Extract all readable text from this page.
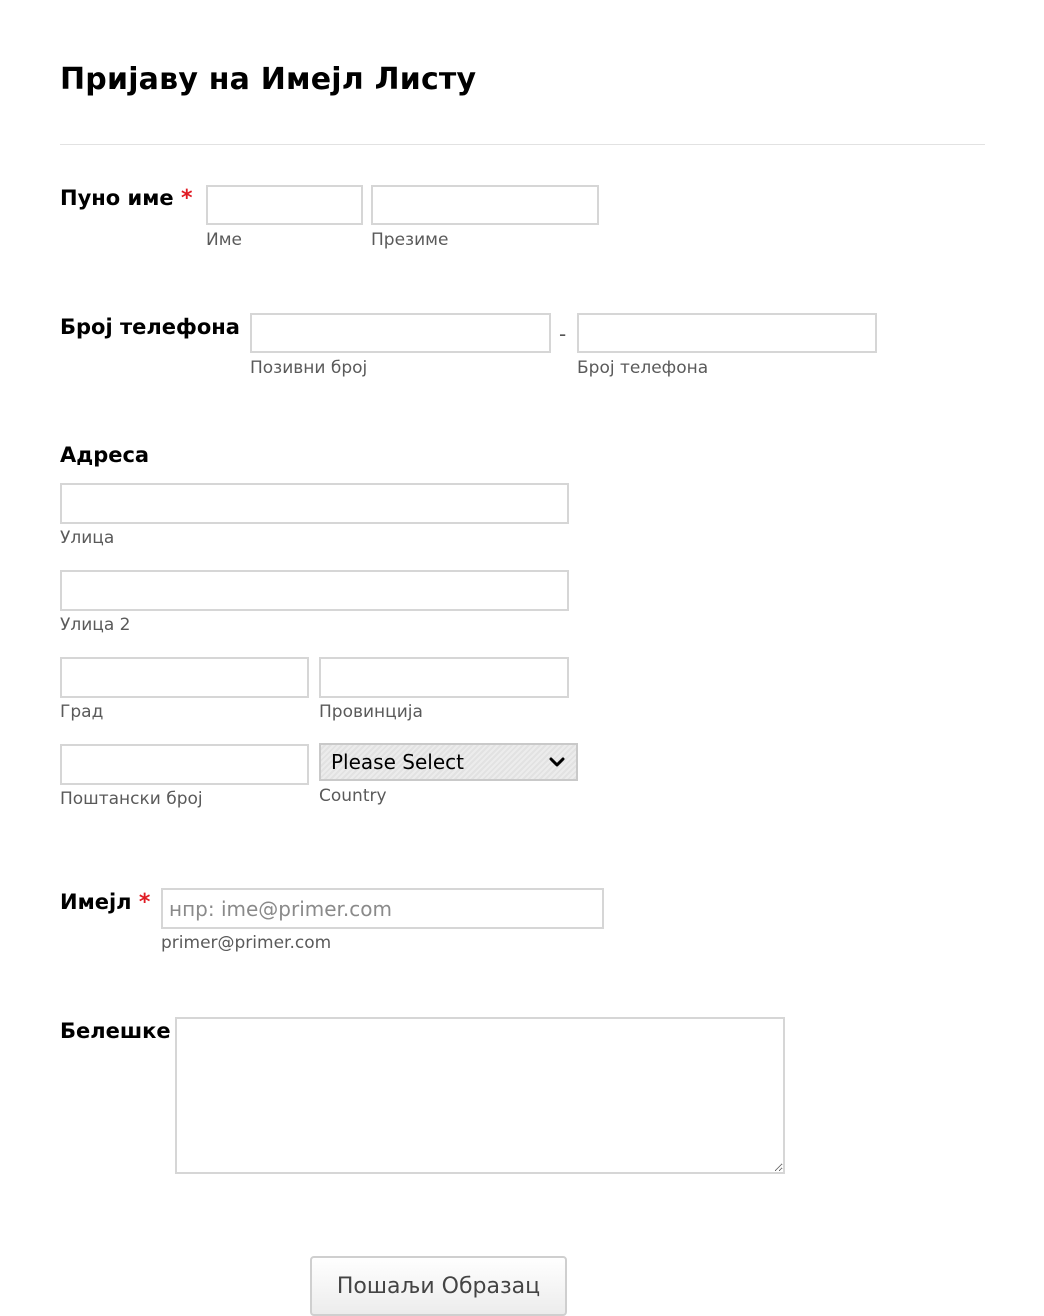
Пријаву на Имејл Листу
Пуно име *
Име	Презиме
Број телефона	-
Позивни број	Број телефона
Адреса
Улица
Улица 2
Град	Провинција
Please Select
Поштански број	Country
Имејл *
нпр: ime@primer.com
primer@primer.com
Белешке
Пошаљи Образац
